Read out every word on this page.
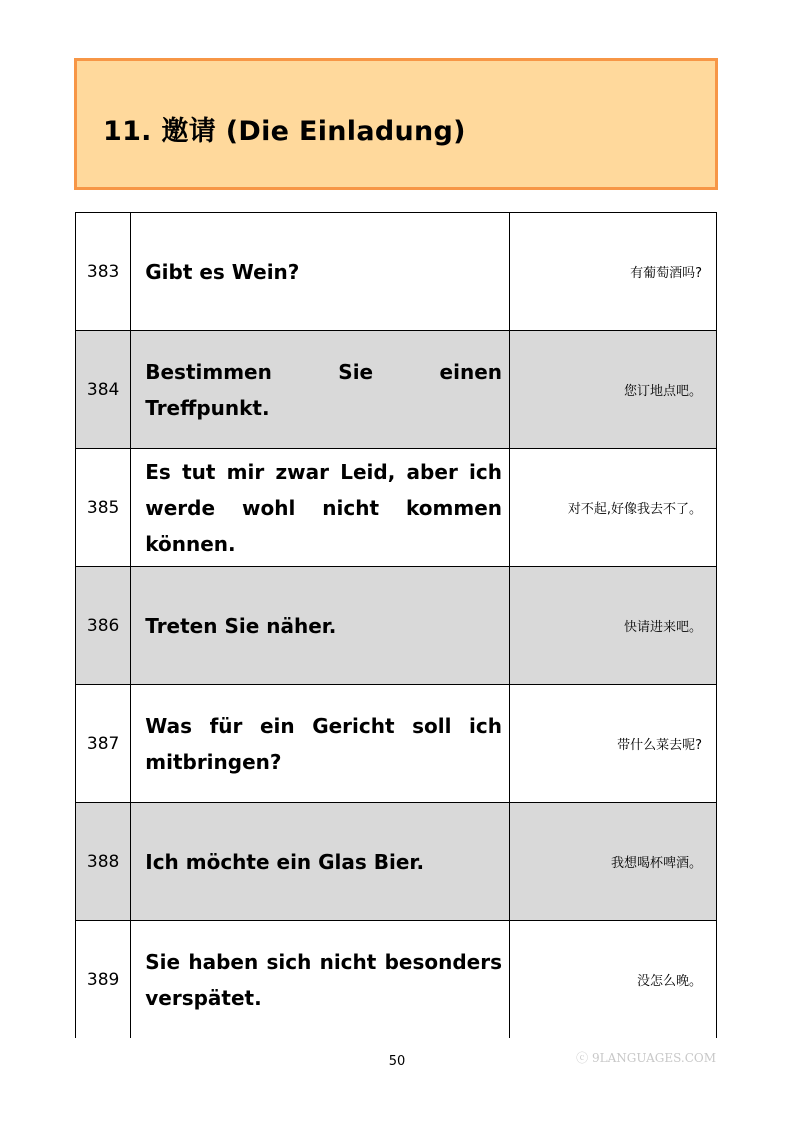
11. 邀请 (Die Einladung)
383	Gibt es Wein?	有葡萄酒吗?
384	Bestimmen Sie einen Treffpunkt.	您订地点吧。
385	Es tut mir zwar Leid, aber ich werde wohl nicht kommen können.	对不起,好像我去不了。
386	Treten Sie näher.	快请进来吧。
387	Was für ein Gericht soll ich mitbringen?	带什么菜去呢?
388	Ich möchte ein Glas Bier.	我想喝杯啤酒。
389	Sie haben sich nicht besonders verspätet.	没怎么晚。
50	ⓒ 9LANGUAGES.COM
